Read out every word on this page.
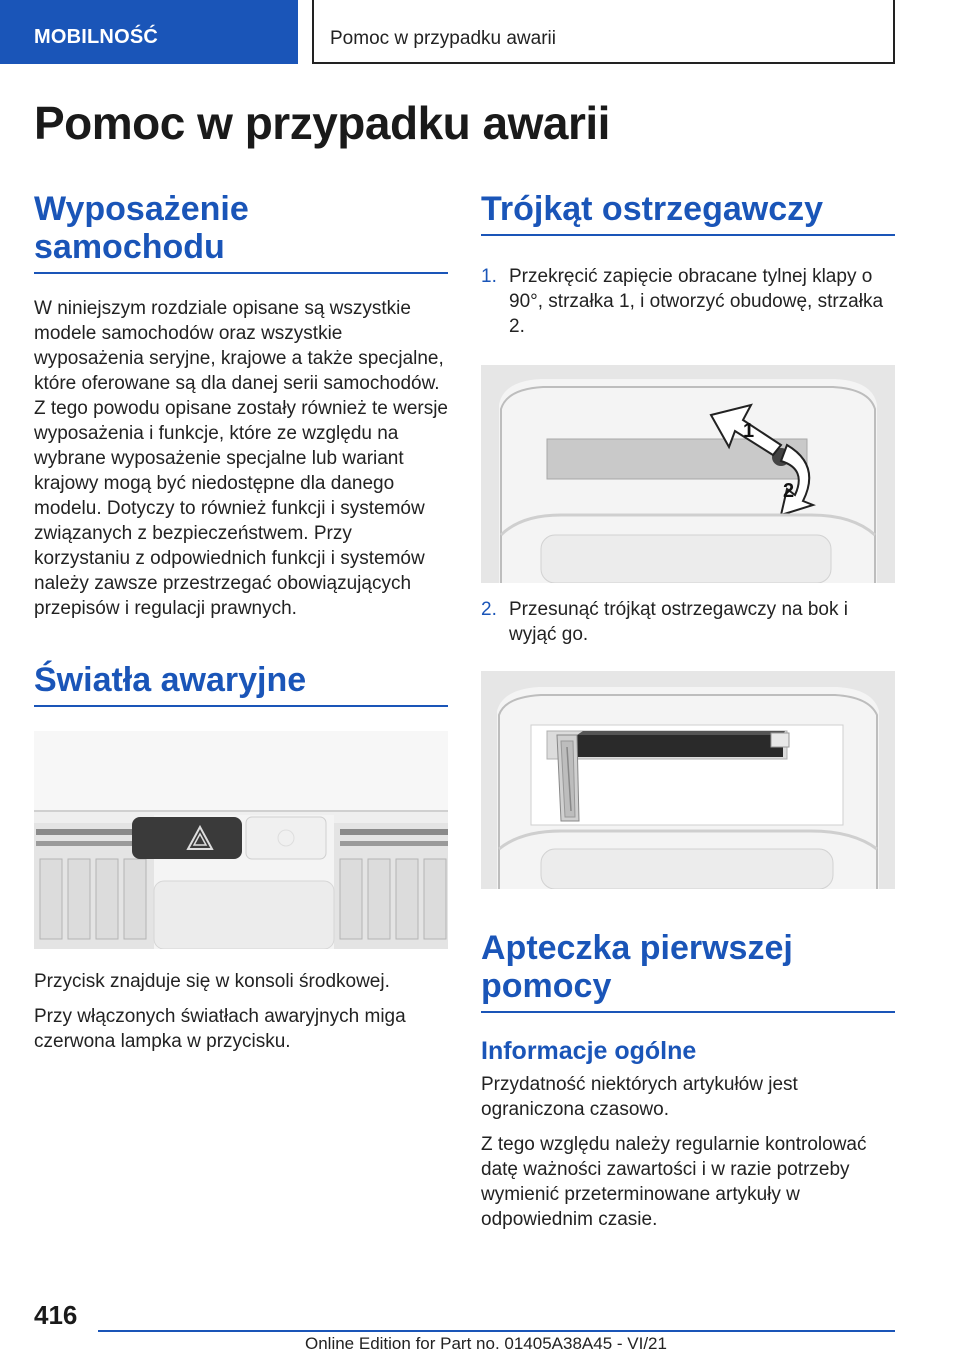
MOBILNOŚĆ	Pomoc w przypadku awarii
Pomoc w przypadku awarii
Wyposażenie samochodu

W niniejszym rozdziale opisane są wszystkie modele samochodów oraz wszystkie wyposażenia seryjne, krajowe a także specjalne, które oferowane są dla danej serii samochodów. Z tego powodu opisane zostały również te wersje wyposażenia i funkcje, które ze względu na wybrane wyposażenie specjalne lub wariant krajowy mogą być niedostępne dla danego modelu. Dotyczy to również funkcji i systemów związanych z bezpieczeństwem. Przy korzystaniu z odpowiednich funkcji i systemów należy zawsze przestrzegać obowiązujących przepisów i regulacji prawnych.

Światła awaryjne

Przycisk znajduje się w konsoli środkowej.

Przy włączonych światłach awaryjnych miga czerwona lampka w przycisku.

Trójkąt ostrzegawczy
1. Przekręcić zapięcie obracane tylnej klapy o 90°, strzałka 1, i otworzyć obudowę, strzałka 2.
1
2
2. Przesunąć trójkąt ostrzegawczy na bok i wyjąć go.
Apteczka pierwszej pomocy
Informacje ogólne

Przydatność niektórych artykułów jest ograniczona czasowo.

Z tego względu należy regularnie kontrolować datę ważności zawartości i w razie potrzeby wymienić przeterminowane artykuły w odpowiednim czasie.

416
Online Edition for Part no. 01405A38A45 - VI/21
